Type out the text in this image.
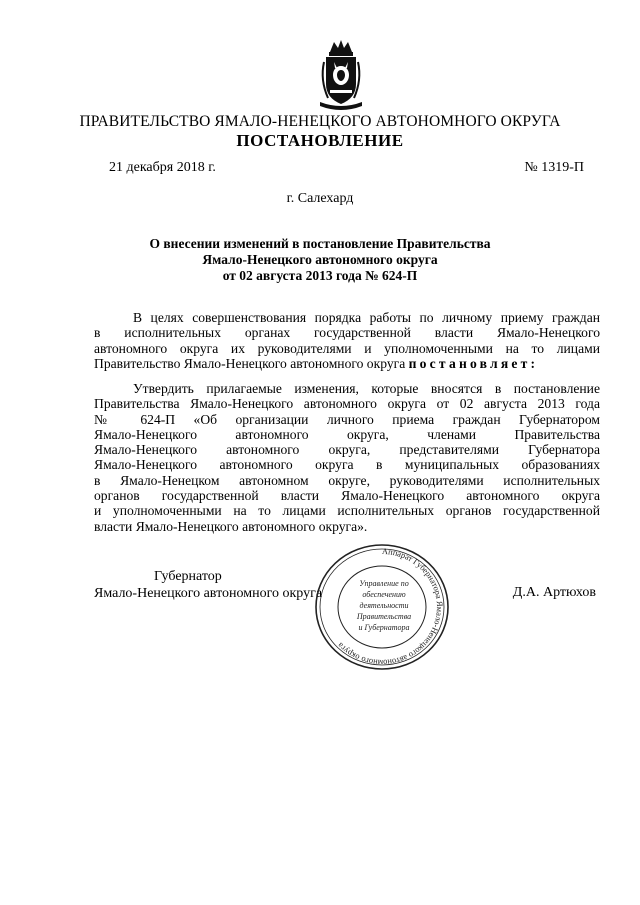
ПРАВИТЕЛЬСТВО ЯМАЛО-НЕНЕЦКОГО АВТОНОМНОГО ОКРУГА
ПОСТАНОВЛЕНИЕ
21 декабря 2018 г.	№ 1319-П
г. Салехард
О внесении изменений в постановление Правительства
Ямало-Ненецкого автономного округа
от 02 августа 2013 года № 624-П
В целях совершенствования порядка работы по личному приему граждан
в исполнительных органах государственной власти Ямало-Ненецкого
автономного округа их руководителями и уполномоченными на то лицами
Правительство Ямало-Ненецкого автономного округа постановляет:
Утвердить прилагаемые изменения, которые вносятся в постановление
Правительства Ямало-Ненецкого автономного округа от 02 августа 2013 года
№ 624-П «Об организации личного приема граждан Губернатором
Ямало-Ненецкого автономного округа, членами Правительства
Ямало-Ненецкого автономного округа, представителями Губернатора
Ямало-Ненецкого автономного округа в муниципальных образованиях
в Ямало-Ненецком автономном округе, руководителями исполнительных
органов государственной власти Ямало-Ненецкого автономного округа
и уполномоченными на то лицами исполнительных органов государственной
власти Ямало-Ненецкого автономного округа».
Губернатор
Ямало-Ненецкого автономного округа	Д.А. Артюхов
Аппарат Губернатора Ямало-Ненецкого автономного округа
Управление по
обеспечению
деятельности
Правительства
и Губернатора
